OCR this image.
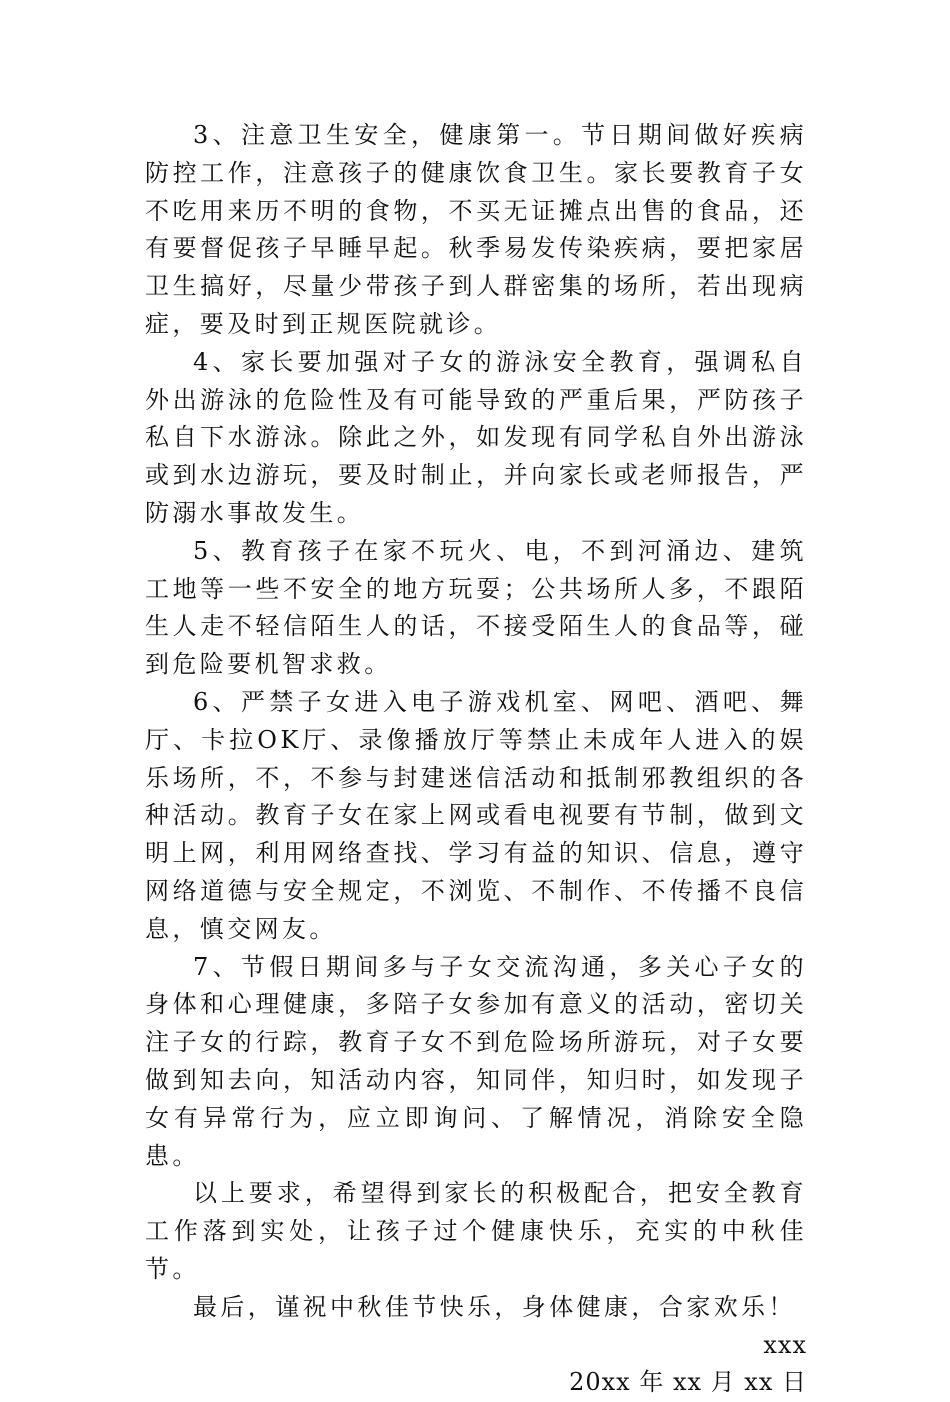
3、注意卫生安全，健康第一。节日期间做好疾病防控工作，注意孩子的健康饮食卫生。家长要教育子女不吃用来历不明的食物，不买无证摊点出售的食品，还有要督促孩子早睡早起。秋季易发传染疾病，要把家居卫生搞好，尽量少带孩子到人群密集的场所，若出现病症，要及时到正规医院就诊。

4、家长要加强对子女的游泳安全教育，强调私自外出游泳的危险性及有可能导致的严重后果，严防孩子私自下水游泳。除此之外，如发现有同学私自外出游泳或到水边游玩，要及时制止，并向家长或老师报告，严防溺水事故发生。

5、教育孩子在家不玩火、电，不到河涌边、建筑工地等一些不安全的地方玩耍；公共场所人多，不跟陌生人走不轻信陌生人的话，不接受陌生人的食品等，碰到危险要机智求救。

6、严禁子女进入电子游戏机室、网吧、酒吧、舞厅、卡拉OK厅、录像播放厅等禁止未成年人进入的娱乐场所，不，不参与封建迷信活动和抵制邪教组织的各种活动。教育子女在家上网或看电视要有节制，做到文明上网，利用网络查找、学习有益的知识、信息，遵守网络道德与安全规定，不浏览、不制作、不传播不良信息，慎交网友。

7、节假日期间多与子女交流沟通，多关心子女的身体和心理健康，多陪子女参加有意义的活动，密切关注子女的行踪，教育子女不到危险场所游玩，对子女要做到知去向，知活动内容，知同伴，知归时，如发现子女有异常行为，应立即询问、了解情况，消除安全隐患。

以上要求，希望得到家长的积极配合，把安全教育工作落到实处，让孩子过个健康快乐，充实的中秋佳节。

最后，谨祝中秋佳节快乐，身体健康，合家欢乐！

xxx

20xx 年 xx 月 xx 日
